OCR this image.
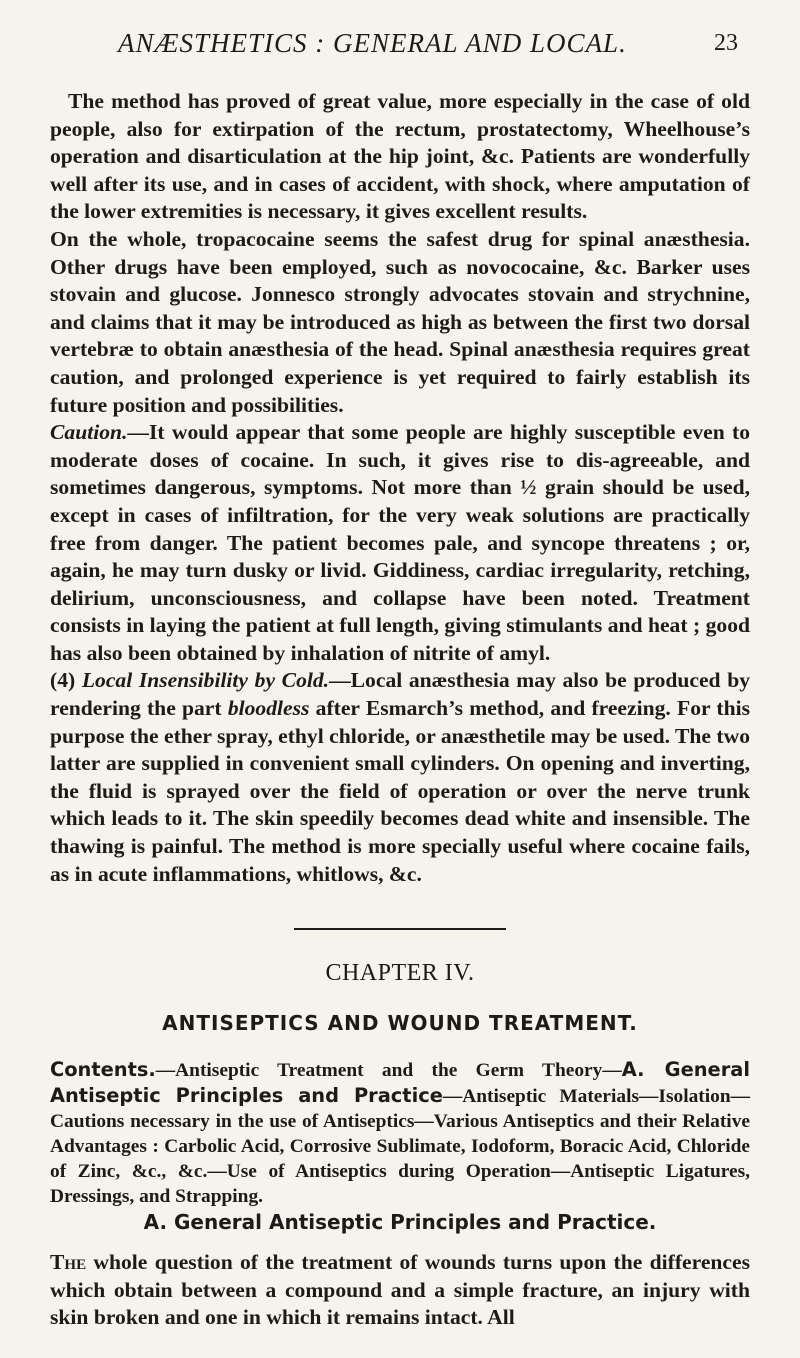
ANÆSTHETICS : GENERAL AND LOCAL.	23

The method has proved of great value, more especially in the case of old people, also for extirpation of the rectum, prostatectomy, Wheelhouse’s operation and disarticulation at the hip joint, &c. Patients are wonderfully well after its use, and in cases of accident, with shock, where amputation of the lower extremities is necessary, it gives excellent results.

On the whole, tropacocaine seems the safest drug for spinal anæsthesia. Other drugs have been employed, such as novococaine, &c. Barker uses stovain and glucose. Jonnesco strongly advocates stovain and strychnine, and claims that it may be introduced as high as between the first two dorsal vertebræ to obtain anæsthesia of the head. Spinal anæsthesia requires great caution, and prolonged experience is yet required to fairly establish its future position and possibilities.

Caution.—It would appear that some people are highly susceptible even to moderate doses of cocaine. In such, it gives rise to dis-agreeable, and sometimes dangerous, symptoms. Not more than ½ grain should be used, except in cases of infiltration, for the very weak solutions are practically free from danger. The patient becomes pale, and syncope threatens ; or, again, he may turn dusky or livid. Giddiness, cardiac irregularity, retching, delirium, unconsciousness, and collapse have been noted. Treatment consists in laying the patient at full length, giving stimulants and heat ; good has also been obtained by inhalation of nitrite of amyl.

(4) Local Insensibility by Cold.—Local anæsthesia may also be produced by rendering the part bloodless after Esmarch’s method, and freezing. For this purpose the ether spray, ethyl chloride, or anæsthetile may be used. The two latter are supplied in convenient small cylinders. On opening and inverting, the fluid is sprayed over the field of operation or over the nerve trunk which leads to it. The skin speedily becomes dead white and insensible. The thawing is painful. The method is more specially useful where cocaine fails, as in acute inflammations, whitlows, &c.

CHAPTER IV.
ANTISEPTICS AND WOUND TREATMENT.

Contents.—Antiseptic Treatment and the Germ Theory—A. General Antiseptic Principles and Practice—Antiseptic Materials—Isolation—Cautions necessary in the use of Antiseptics—Various Antiseptics and their Relative Advantages : Carbolic Acid, Corrosive Sublimate, Iodoform, Boracic Acid, Chloride of Zinc, &c., &c.—Use of Antiseptics during Operation—Antiseptic Ligatures, Dressings, and Strapping.

A. General Antiseptic Principles and Practice.

The whole question of the treatment of wounds turns upon the differences which obtain between a compound and a simple fracture, an injury with skin broken and one in which it remains intact. All
